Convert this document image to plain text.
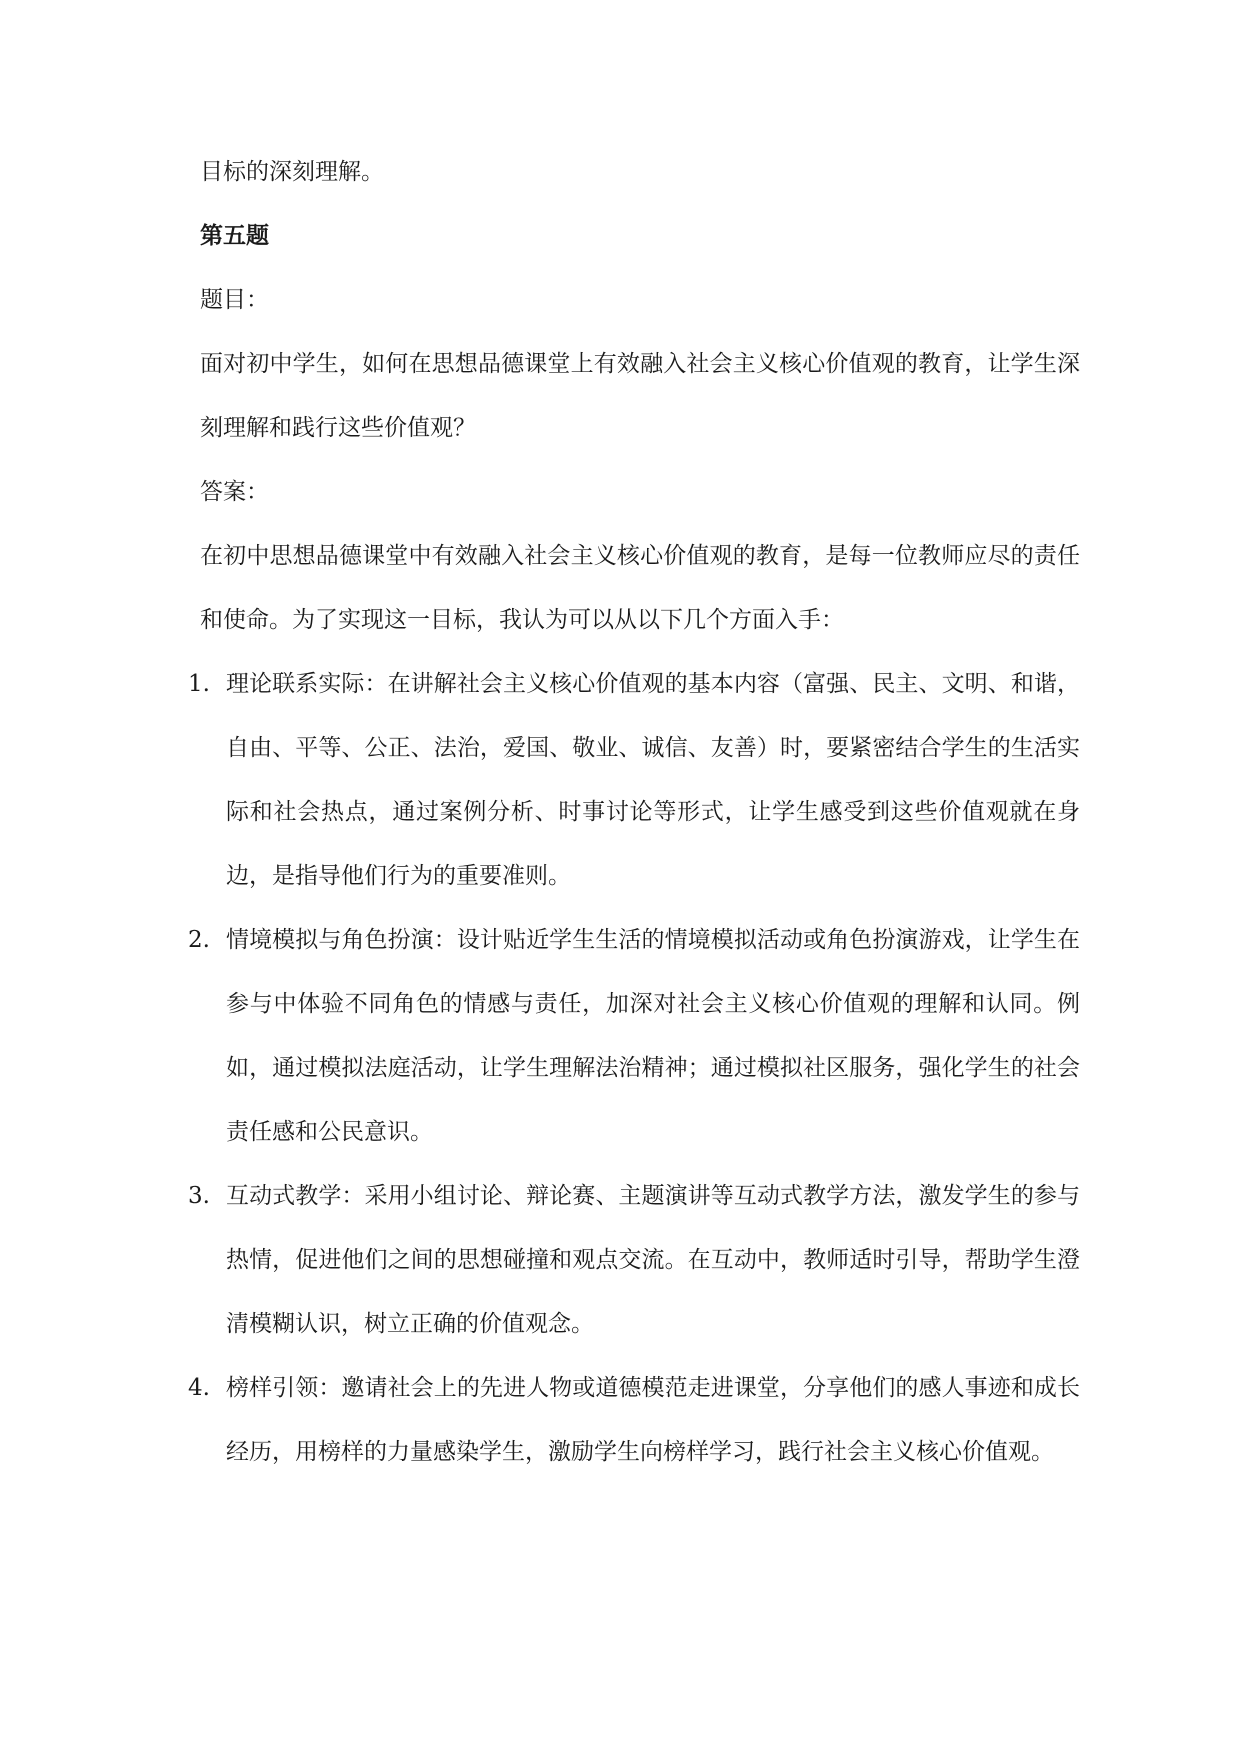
目标的深刻理解。

第五题

题目：

面对初中学生，如何在思想品德课堂上有效融入社会主义核心价值观的教育，让学生深刻理解和践行这些价值观？

答案：

在初中思想品德课堂中有效融入社会主义核心价值观的教育，是每一位教师应尽的责任和使命。为了实现这一目标，我认为可以从以下几个方面入手：

1. 理论联系实际：在讲解社会主义核心价值观的基本内容（富强、民主、文明、和谐，自由、平等、公正、法治，爱国、敬业、诚信、友善）时，要紧密结合学生的生活实际和社会热点，通过案例分析、时事讨论等形式，让学生感受到这些价值观就在身边，是指导他们行为的重要准则。
2. 情境模拟与角色扮演：设计贴近学生生活的情境模拟活动或角色扮演游戏，让学生在参与中体验不同角色的情感与责任，加深对社会主义核心价值观的理解和认同。例如，通过模拟法庭活动，让学生理解法治精神；通过模拟社区服务，强化学生的社会责任感和公民意识。
3. 互动式教学：采用小组讨论、辩论赛、主题演讲等互动式教学方法，激发学生的参与热情，促进他们之间的思想碰撞和观点交流。在互动中，教师适时引导，帮助学生澄清模糊认识，树立正确的价值观念。
4. 榜样引领：邀请社会上的先进人物或道德模范走进课堂，分享他们的感人事迹和成长经历，用榜样的力量感染学生，激励学生向榜样学习，践行社会主义核心价值观。
